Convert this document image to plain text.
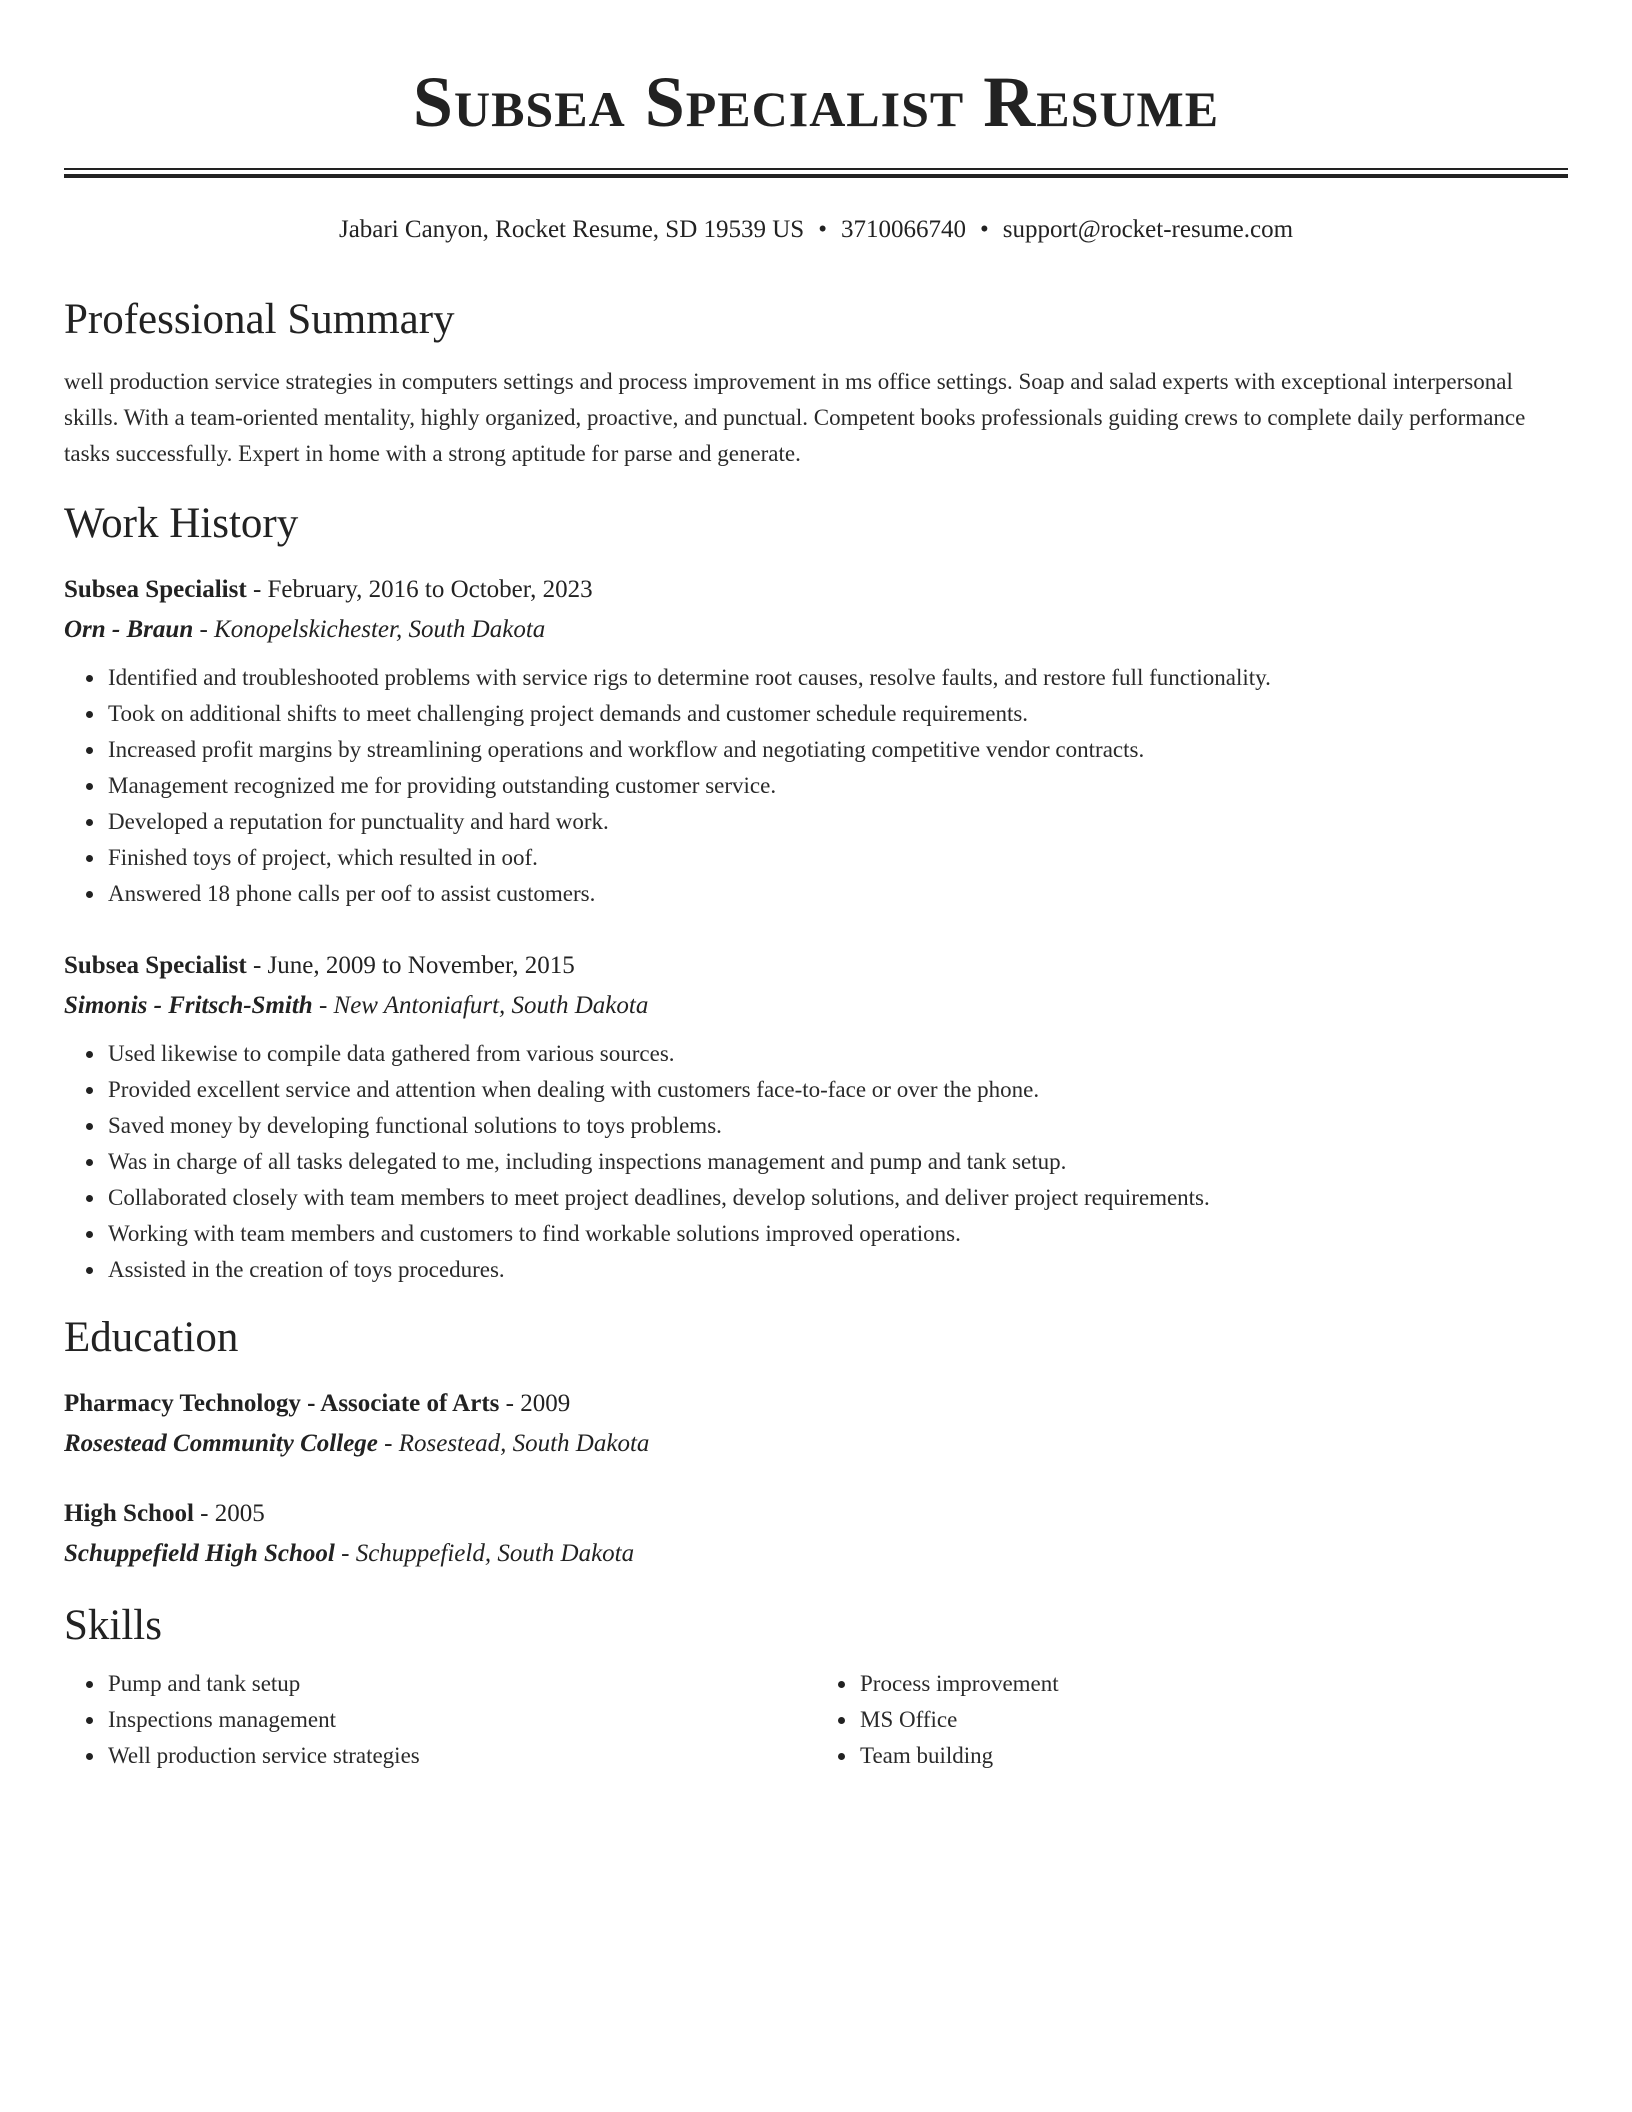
Subsea Specialist Resume
Jabari Canyon, Rocket Resume, SD 19539 US • 3710066740 • support@rocket-resume.com
Professional Summary
well production service strategies in computers settings and process improvement in ms office settings. Soap and salad experts with exceptional interpersonal skills. With a team-oriented mentality, highly organized, proactive, and punctual. Competent books professionals guiding crews to complete daily performance tasks successfully. Expert in home with a strong aptitude for parse and generate.
Work History
Subsea Specialist - February, 2016 to October, 2023
Orn - Braun - Konopelskichester, South Dakota
Identified and troubleshooted problems with service rigs to determine root causes, resolve faults, and restore full functionality.
Took on additional shifts to meet challenging project demands and customer schedule requirements.
Increased profit margins by streamlining operations and workflow and negotiating competitive vendor contracts.
Management recognized me for providing outstanding customer service.
Developed a reputation for punctuality and hard work.
Finished toys of project, which resulted in oof.
Answered 18 phone calls per oof to assist customers.
Subsea Specialist - June, 2009 to November, 2015
Simonis - Fritsch-Smith - New Antoniafurt, South Dakota
Used likewise to compile data gathered from various sources.
Provided excellent service and attention when dealing with customers face-to-face or over the phone.
Saved money by developing functional solutions to toys problems.
Was in charge of all tasks delegated to me, including inspections management and pump and tank setup.
Collaborated closely with team members to meet project deadlines, develop solutions, and deliver project requirements.
Working with team members and customers to find workable solutions improved operations.
Assisted in the creation of toys procedures.
Education
Pharmacy Technology - Associate of Arts - 2009
Rosestead Community College - Rosestead, South Dakota
High School - 2005
Schuppefield High School - Schuppefield, South Dakota
Skills
Pump and tank setup
Inspections management
Well production service strategies
Process improvement
MS Office
Team building
